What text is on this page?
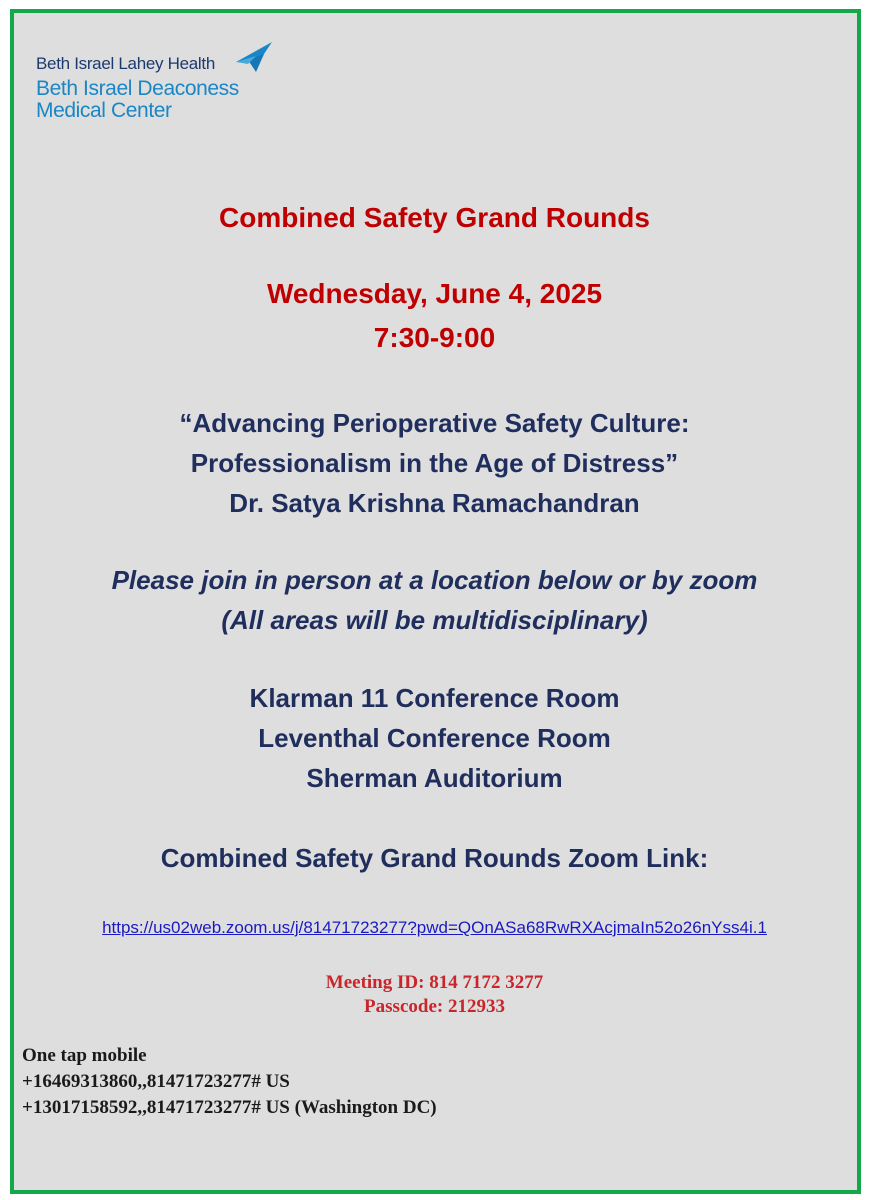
Beth Israel Lahey Health
Beth Israel Deaconess
Medical Center
Combined Safety Grand Rounds
Wednesday, June 4, 2025
7:30-9:00
“Advancing Perioperative Safety Culture:
Professionalism in the Age of Distress”
Dr. Satya Krishna Ramachandran
Please join in person at a location below or by zoom
(All areas will be multidisciplinary)
Klarman 11 Conference Room
Leventhal Conference Room
Sherman Auditorium
Combined Safety Grand Rounds Zoom Link:
https://us02web.zoom.us/j/81471723277?pwd=QOnASa68RwRXAcjmaIn52o26nYss4i.1
Meeting ID: 814 7172 3277
Passcode: 212933
One tap mobile
+16469313860,,81471723277# US
+13017158592,,81471723277# US (Washington DC)
